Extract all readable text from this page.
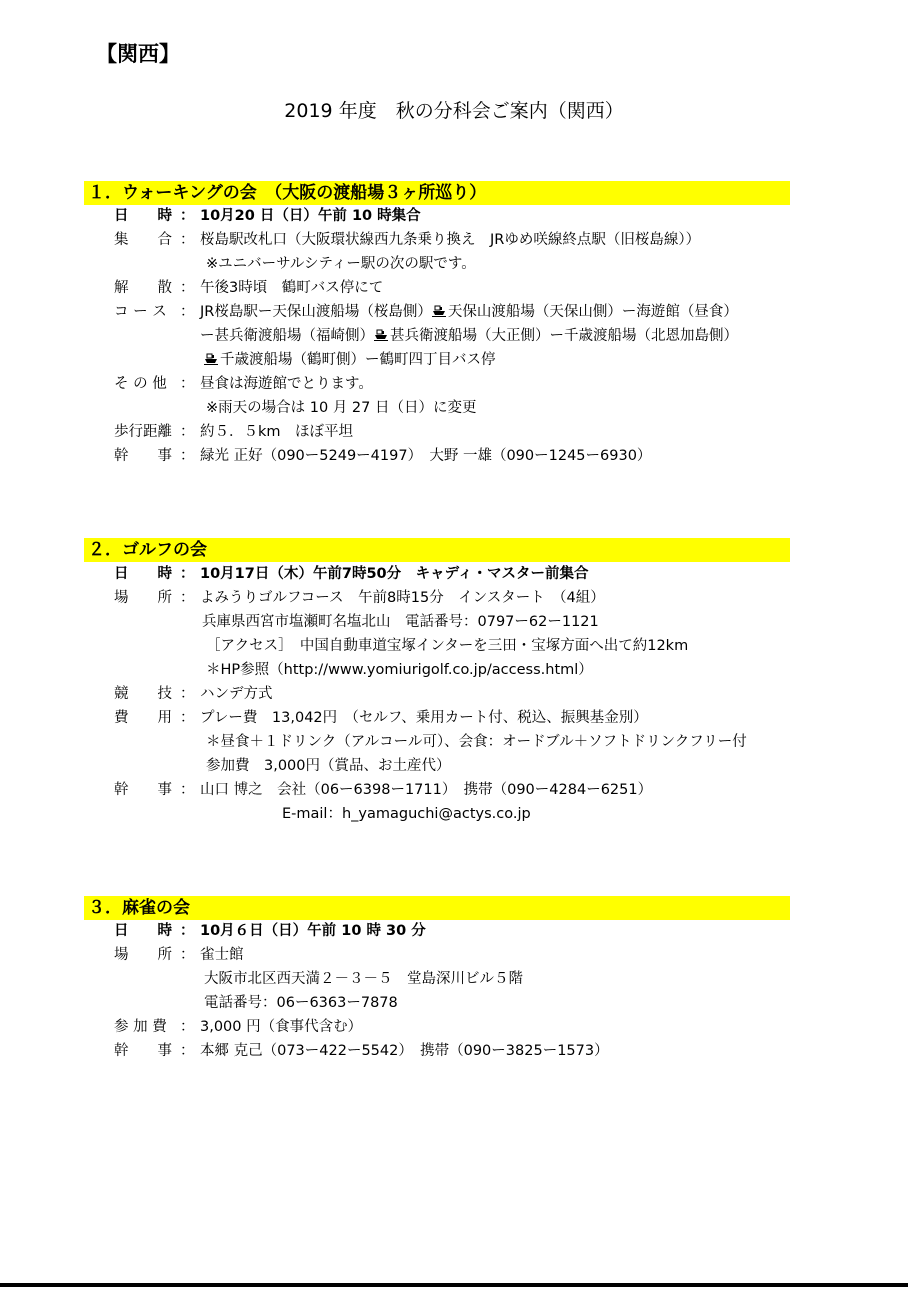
【関西】
2019 年度　秋の分科会ご案内（関西）
１．ウォーキングの会　（大阪の渡船場３ヶ所巡り）
日　　時 ： 10月20 日（日）午前 10 時集合
集　　合 ： 桜島駅改札口（大阪環状線西九条乗り換え　JRゆめ咲線終点駅（旧桜島線））
※ユニバーサルシティー駅の次の駅です。
解　　散 ： 午後3時頃　鶴町バス停にて
コ ー ス ： JR桜島駅ー天保山渡船場（桜島側） 天保山渡船場（天保山側）ー海遊館（昼食）
ー甚兵衛渡船場（福崎側） 甚兵衛渡船場（大正側）ー千歳渡船場（北恩加島側）
千歳渡船場（鶴町側）ー鶴町四丁目バス停
そ の 他 ： 昼食は海遊館でとります。
※雨天の場合は 10 月 27 日（日）に変更
歩行距離 ： 約５．５km　ほぼ平坦
幹　　事 ： 緑光 正好（090ー5249ー4197）　大野 一雄（090ー1245ー6930）
２．ゴルフの会
日　　時 ： 10月17日（木）午前7時50分　キャディ・マスター前集合
場　　所 ： よみうりゴルフコース　午前8時15分　インスタート　（4組）
兵庫県西宮市塩瀬町名塩北山　電話番号：0797ー62ー1121
［アクセス］　中国自動車道宝塚インターを三田・宝塚方面へ出て約12km
＊HP参照（http://www.yomiurigolf.co.jp/access.html）
競　　技 ： ハンデ方式
費　　用 ： プレー費　13,042円　（セルフ、乗用カート付、税込、振興基金別）
＊昼食＋１ドリンク（アルコール可）、会食：オードブル＋ソフトドリンクフリー付
参加費　3,000円（賞品、お土産代）
幹　　事 ： 山口 博之　会社（06ー6398ー1711）　携帯（090ー4284ー6251）
E-mail：h_yamaguchi@actys.co.jp
３．麻雀の会
日　　時 ： 10月６日（日）午前 10 時 30 分
場　　所 ： 雀士館
大阪市北区西天満２－３－５　堂島深川ビル５階
電話番号：06ー6363ー7878
参 加 費 ： 3,000 円（食事代含む）
幹　　事 ： 本郷 克己（073ー422ー5542）　携帯（090ー3825ー1573）
